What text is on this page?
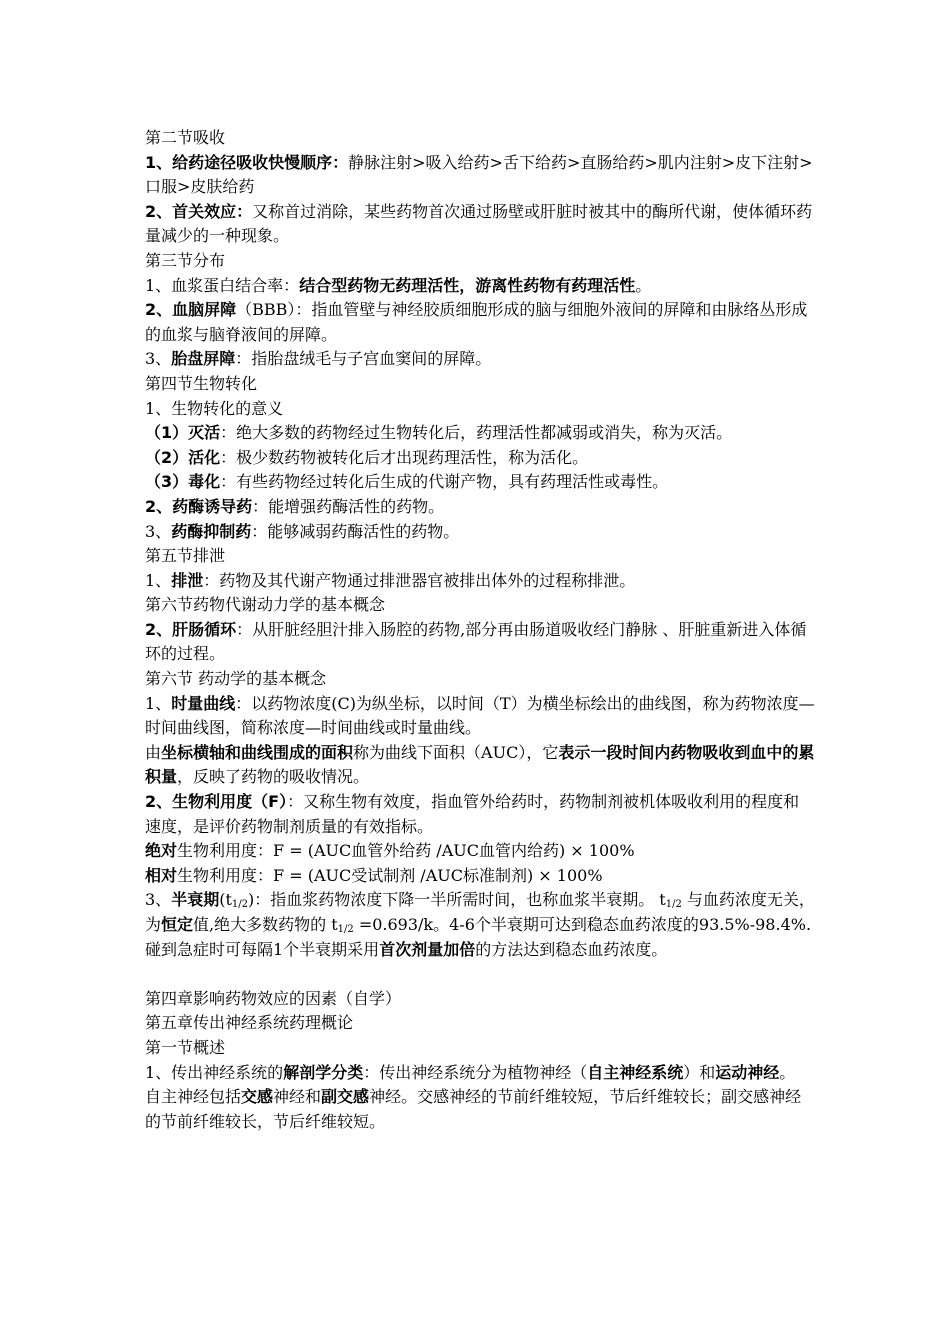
第二节吸收

1、给药途径吸收快慢顺序：静脉注射>吸入给药>舌下给药>直肠给药>肌内注射>皮下注射>口服>皮肤给药

2、首关效应：又称首过消除，某些药物首次通过肠壁或肝脏时被其中的酶所代谢，使体循环药量减少的一种现象。

第三节分布

1、血浆蛋白结合率：结合型药物无药理活性，游离性药物有药理活性。

2、血脑屏障（BBB）：指血管壁与神经胶质细胞形成的脑与细胞外液间的屏障和由脉络丛形成的血浆与脑脊液间的屏障。

3、胎盘屏障：指胎盘绒毛与子宫血窦间的屏障。

第四节生物转化

1、生物转化的意义

（1）灭活：绝大多数的药物经过生物转化后，药理活性都减弱或消失，称为灭活。

（2）活化：极少数药物被转化后才出现药理活性，称为活化。

（3）毒化：有些药物经过转化后生成的代谢产物，具有药理活性或毒性。

2、药酶诱导药：能增强药酶活性的药物。

3、药酶抑制药：能够减弱药酶活性的药物。

第五节排泄

1、排泄：药物及其代谢产物通过排泄器官被排出体外的过程称排泄。

第六节药物代谢动力学的基本概念

2、肝肠循环：从肝脏经胆汁排入肠腔的药物,部分再由肠道吸收经门静脉 、肝脏重新进入体循环的过程。

第六节 药动学的基本概念

1、时量曲线：以药物浓度(C)为纵坐标，以时间（T）为横坐标绘出的曲线图，称为药物浓度—时间曲线图，简称浓度—时间曲线或时量曲线。

由坐标横轴和曲线围成的面积称为曲线下面积（AUC），它表示一段时间内药物吸收到血中的累积量，反映了药物的吸收情况。

2、生物利用度（F）：又称生物有效度，指血管外给药时，药物制剂被机体吸收利用的程度和速度，是评价药物制剂质量的有效指标。

绝对生物利用度：F = (AUC血管外给药 /AUC血管内给药) × 100%

相对生物利用度：F = (AUC受试制剂 /AUC标准制剂) × 100%

3、半衰期$(t_{1/2})$：指血浆药物浓度下降一半所需时间，也称血浆半衰期。 $t_{1/2}$ 与血药浓度无关，为恒定值,绝大多数药物的 $t_{1/2} =0.693/k$。4-6个半衰期可达到稳态血药浓度的93.5%-98.4%.

碰到急症时可每隔1个半衰期采用首次剂量加倍的方法达到稳态血药浓度。

第四章影响药物效应的因素（自学）

第五章传出神经系统药理概论

第一节概述

1、传出神经系统的解剖学分类：传出神经系统分为植物神经（自主神经系统）和运动神经。

自主神经包括交感神经和副交感神经。交感神经的节前纤维较短，节后纤维较长；副交感神经的节前纤维较长，节后纤维较短。
